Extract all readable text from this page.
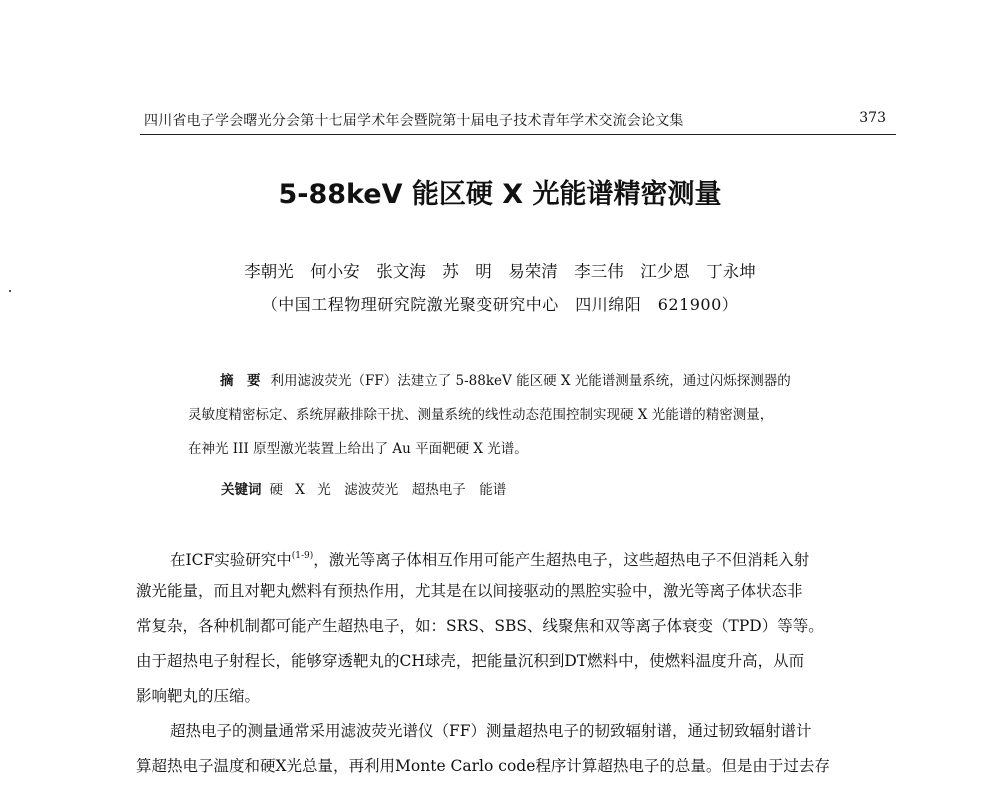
四川省电子学会曙光分会第十七届学术年会暨院第十届电子技术青年学术交流会论文集	373
5-88keV 能区硬 X 光能谱精密测量
李朝光　何小安　张文海　苏　明　易荣清　李三伟　江少恩　丁永坤
（中国工程物理研究院激光聚变研究中心　四川绵阳　621900）
摘　要 利用滤波荧光（FF）法建立了 5-88keV 能区硬 X 光能谱测量系统，通过闪烁探测器的
灵敏度精密标定、系统屏蔽排除干扰、测量系统的线性动态范围控制实现硬 X 光能谱的精密测量，
在神光 III 原型激光装置上给出了 Au 平面靶硬 X 光谱。
关键词 硬 X 光　滤波荧光　超热电子　能谱
在ICF实验研究中$^{(1-9)}$，激光等离子体相互作用可能产生超热电子，这些超热电子不但消耗入射
激光能量，而且对靶丸燃料有预热作用，尤其是在以间接驱动的黑腔实验中，激光等离子体状态非
常复杂，各种机制都可能产生超热电子，如：SRS、SBS、线聚焦和双等离子体衰变（TPD）等等。
由于超热电子射程长，能够穿透靶丸的CH球壳，把能量沉积到DT燃料中，使燃料温度升高，从而
影响靶丸的压缩。
超热电子的测量通常采用滤波荧光谱仪（FF）测量超热电子的韧致辐射谱，通过韧致辐射谱计
算超热电子温度和硬X光总量，再利用Monte Carlo code程序计算超热电子的总量。但是由于过去存
